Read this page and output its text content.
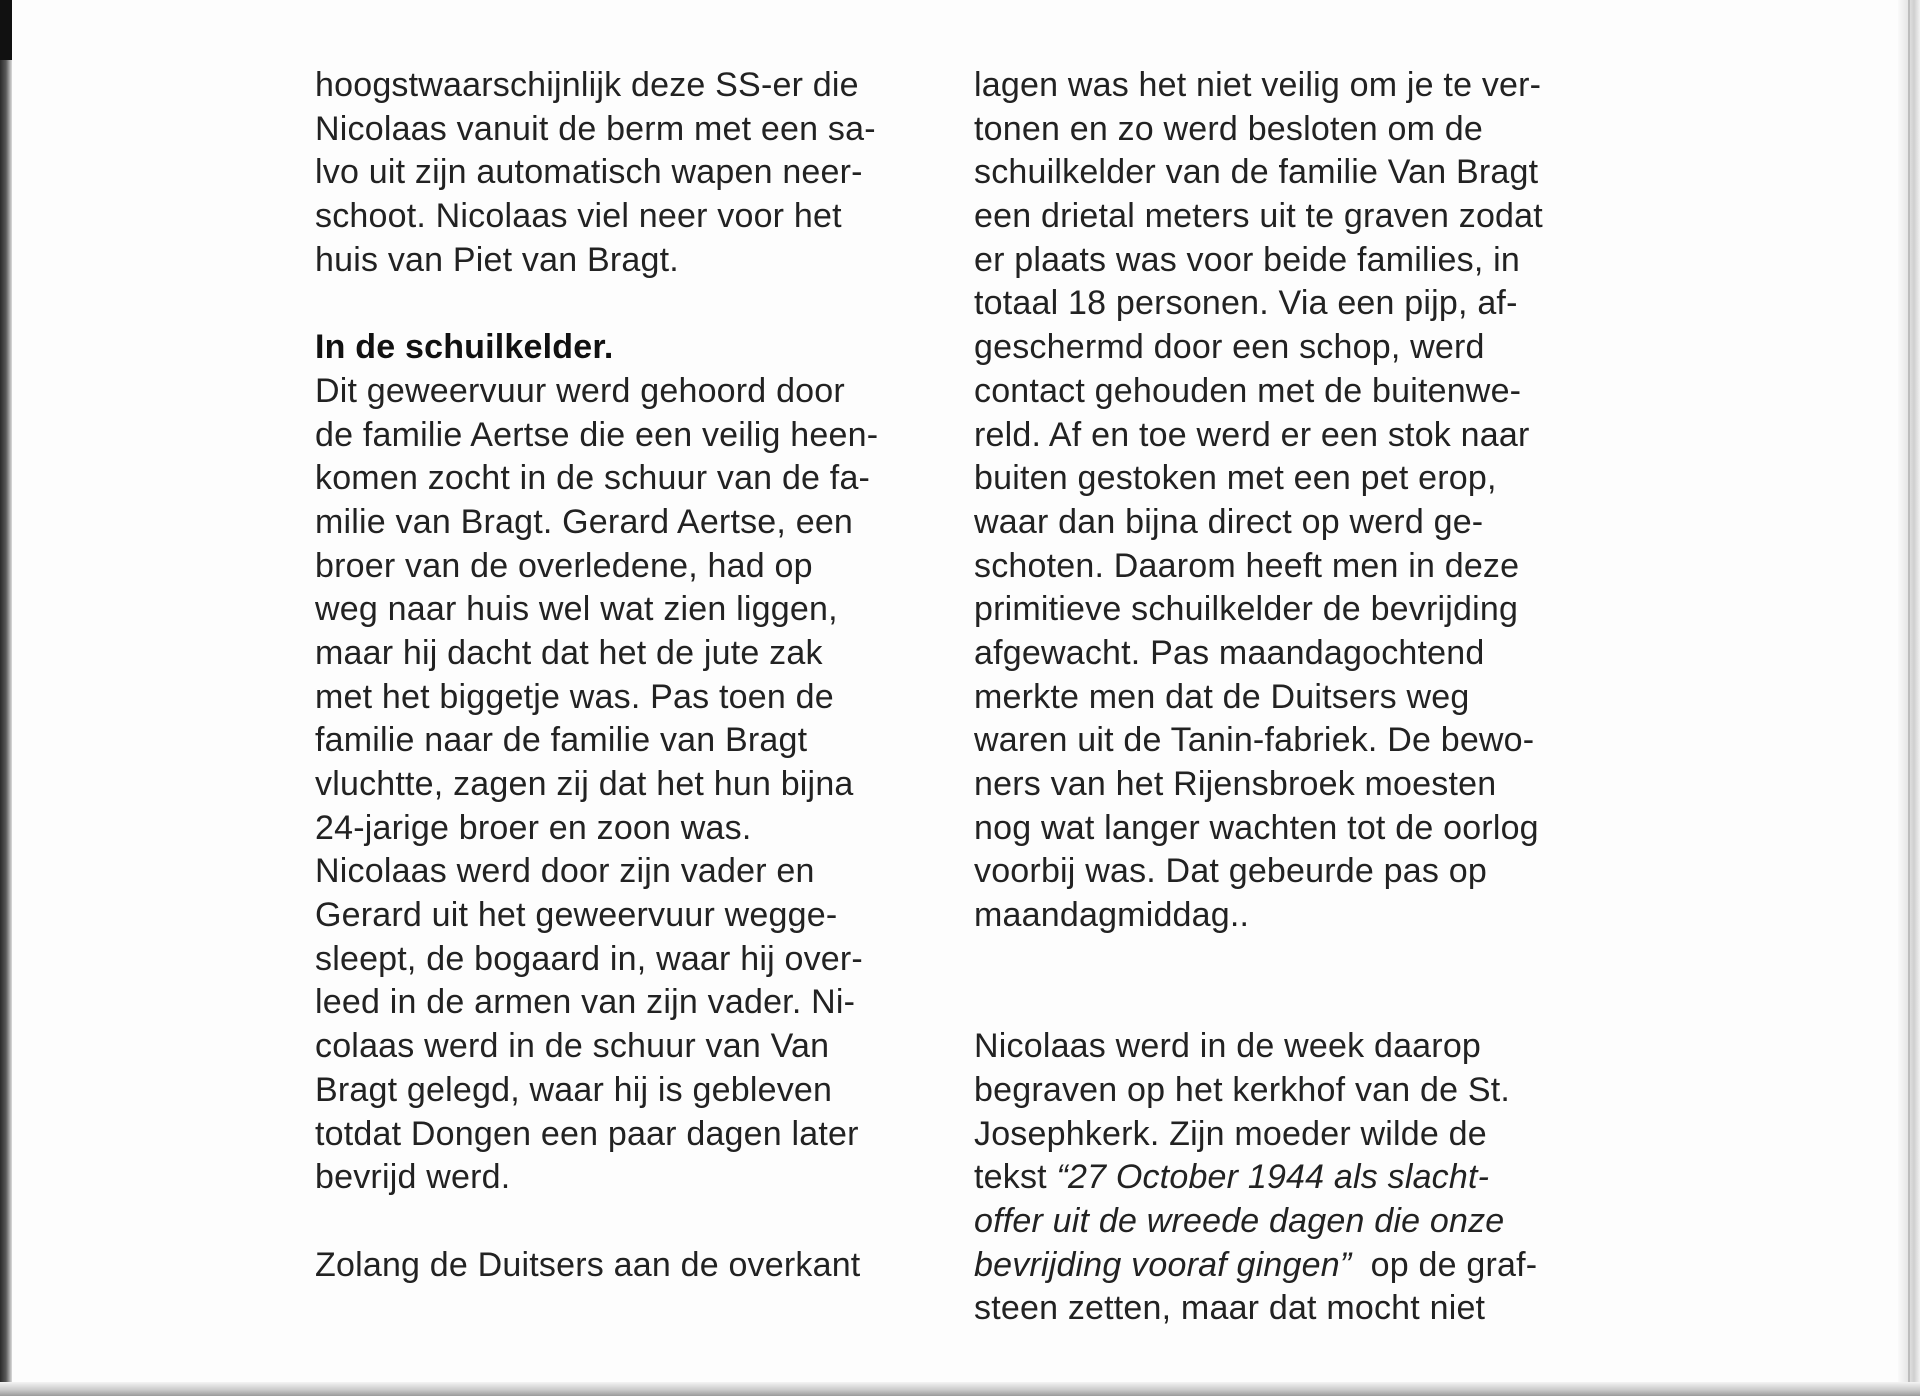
hoogstwaarschijnlijk deze SS-er die
Nicolaas vanuit de berm met een sa-
lvo uit zijn automatisch wapen neer-
schoot. Nicolaas viel neer voor het
huis van Piet van Bragt.
In de schuilkelder.
Dit geweervuur werd gehoord door
de familie Aertse die een veilig heen-
komen zocht in de schuur van de fa-
milie van Bragt. Gerard Aertse, een
broer van de overledene, had op
weg naar huis wel wat zien liggen,
maar hij dacht dat het de jute zak
met het biggetje was. Pas toen de
familie naar de familie van Bragt
vluchtte, zagen zij dat het hun bijna
24-jarige broer en zoon was.
Nicolaas werd door zijn vader en
Gerard uit het geweervuur wegge-
sleept, de bogaard in, waar hij over-
leed in de armen van zijn vader. Ni-
colaas werd in de schuur van Van
Bragt gelegd, waar hij is gebleven
totdat Dongen een paar dagen later
bevrijd werd.
Zolang de Duitsers aan de overkant
lagen was het niet veilig om je te ver-
tonen en zo werd besloten om de
schuilkelder van de familie Van Bragt
een drietal meters uit te graven zodat
er plaats was voor beide families, in
totaal 18 personen. Via een pijp, af-
geschermd door een schop, werd
contact gehouden met de buitenwe-
reld. Af en toe werd er een stok naar
buiten gestoken met een pet erop,
waar dan bijna direct op werd ge-
schoten. Daarom heeft men in deze
primitieve schuilkelder de bevrijding
afgewacht. Pas maandagochtend
merkte men dat de Duitsers weg
waren uit de Tanin-fabriek. De bewo-
ners van het Rijensbroek moesten
nog wat langer wachten tot de oorlog
voorbij was. Dat gebeurde pas op
maandagmiddag..
Nicolaas werd in de week daarop
begraven op het kerkhof van de St.
Josephkerk. Zijn moeder wilde de
tekst “27 October 1944 als slacht-
offer uit de wreede dagen die onze
bevrijding vooraf gingen”  op de graf-
steen zetten, maar dat mocht niet
